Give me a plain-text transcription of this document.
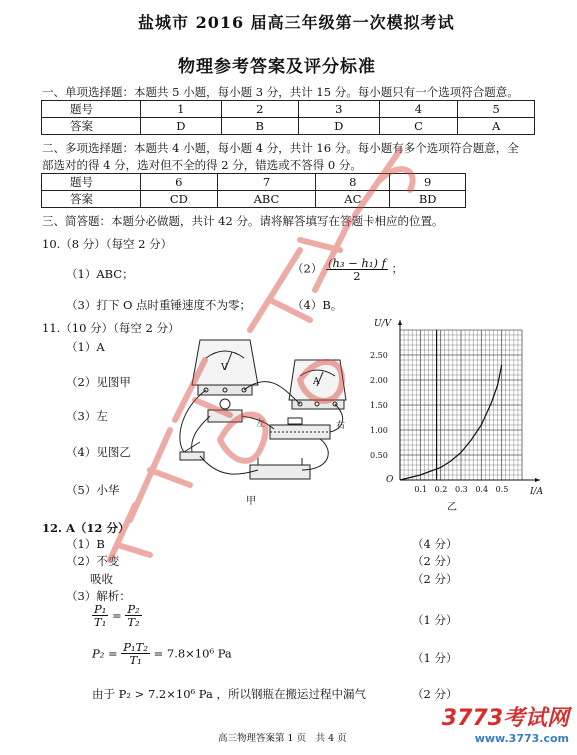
盐城市 2016 届高三年级第一次模拟考试
物理参考答案及评分标准
一、单项选择题：本题共 5 小题，每小题 3 分，共计 15 分。每小题只有一个选项符合题意。
题号	1	2	3	4	5
答案	D	B	D	C	A
二、多项选择题：本题共 4 小题，每小题 4 分，共计 16 分。每小题有多个选项符合题意，全
部选对的得 4 分，选对但不全的得 2 分，错选或不答得 0 分。
题号	6	7	8	9
答案	CD	ABC	AC	BD
三、简答题：本题分必做题，共计 42 分。请将解答填写在答题卡相应的位置。
10.（8 分）（每空 2 分）
（1）ABC；	$(2) \frac{\text{(h₃ − h₁) f}}{2}$ ；
（3）打下 O 点时重锤速度不为零；	（4）B。
11.（10 分）（每空 2 分）
（1）A
（2）见图甲
（3）左
（4）见图乙
（5）小华
V
A
左	右
甲
0.1 0.2 0.3 0.4 0.5
0.50
1.00
1.50
2.00
2.50
U/V
I/A
O
乙
12. A（12 分）
（1）B	（4 分）
（2）不变	（2 分）
吸收	（2 分）
（3）解析：
$\frac{\text{P₁}}{\text{T₁}} = \frac{\text{P₂}}{\text{T₂}}$	（1 分）
$P_2 = \frac{\text{P₁T₂}}{\text{T₁}} = 7.8\times 10^6$ Pa	（1 分）
由于 P₂ > 7.2×10⁶ Pa ，所以钢瓶在搬运过程中漏气	（2 分）
高三物理答案第 1 页　共 4 页
3773考试网
www.3773.com
